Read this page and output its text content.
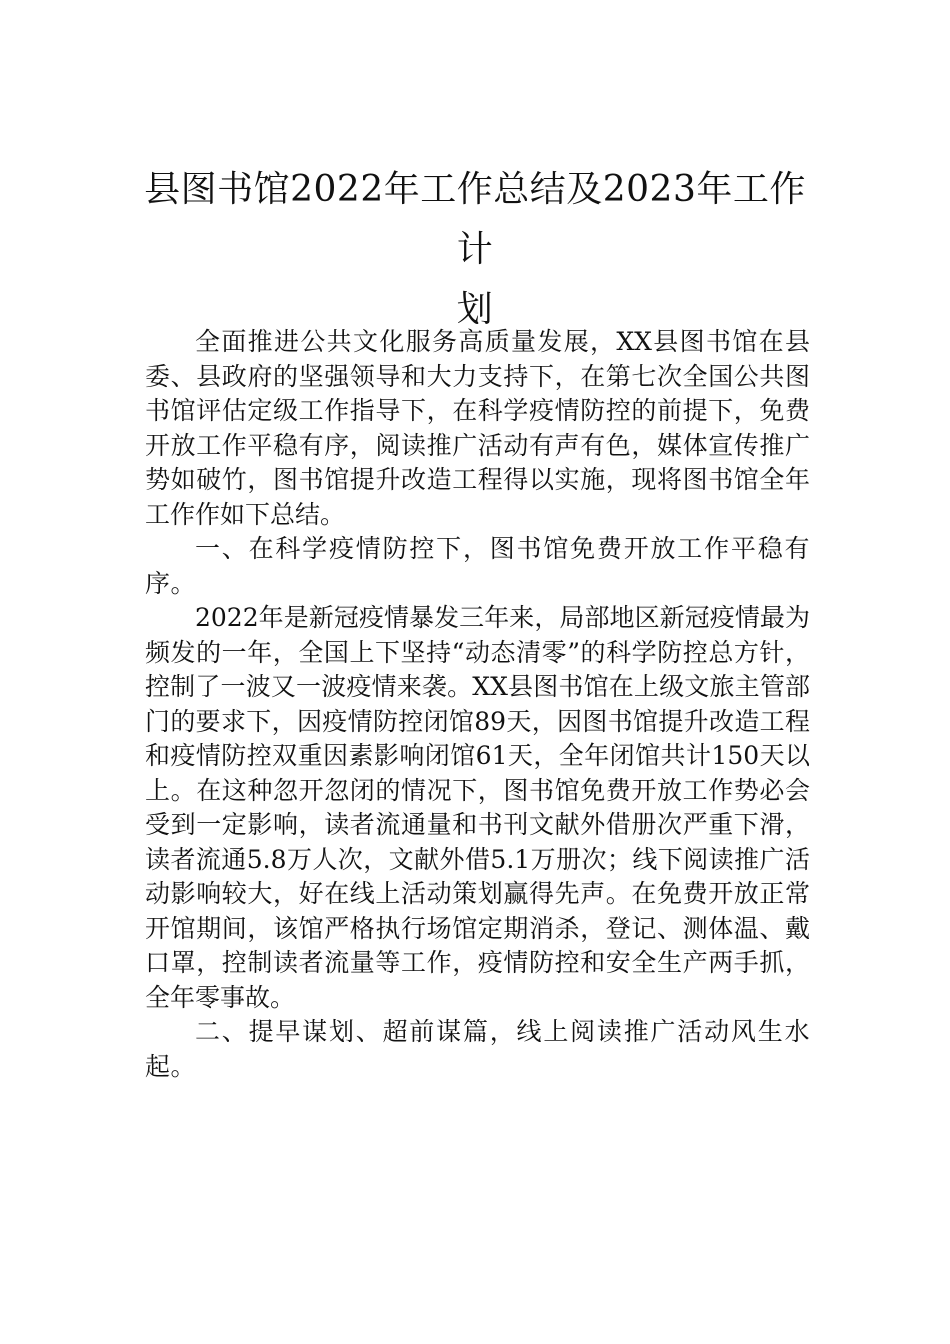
县图书馆2022年工作总结及2023年工作计
划

全面推进公共文化服务高质量发展，XX县图书馆在县委、县政府的坚强领导和大力支持下，在第七次全国公共图书馆评估定级工作指导下，在科学疫情防控的前提下，免费开放工作平稳有序，阅读推广活动有声有色，媒体宣传推广势如破竹，图书馆提升改造工程得以实施，现将图书馆全年工作作如下总结。

一、在科学疫情防控下，图书馆免费开放工作平稳有序。

2022年是新冠疫情暴发三年来，局部地区新冠疫情最为频发的一年，全国上下坚持“动态清零”的科学防控总方针，控制了一波又一波疫情来袭。XX县图书馆在上级文旅主管部门的要求下，因疫情防控闭馆89天，因图书馆提升改造工程和疫情防控双重因素影响闭馆61天，全年闭馆共计150天以上。在这种忽开忽闭的情况下，图书馆免费开放工作势必会受到一定影响，读者流通量和书刊文献外借册次严重下滑，读者流通5.8万人次，文献外借5.1万册次；线下阅读推广活动影响较大，好在线上活动策划赢得先声。在免费开放正常开馆期间，该馆严格执行场馆定期消杀，登记、测体温、戴口罩，控制读者流量等工作，疫情防控和安全生产两手抓，全年零事故。

二、提早谋划、超前谋篇，线上阅读推广活动风生水起。
